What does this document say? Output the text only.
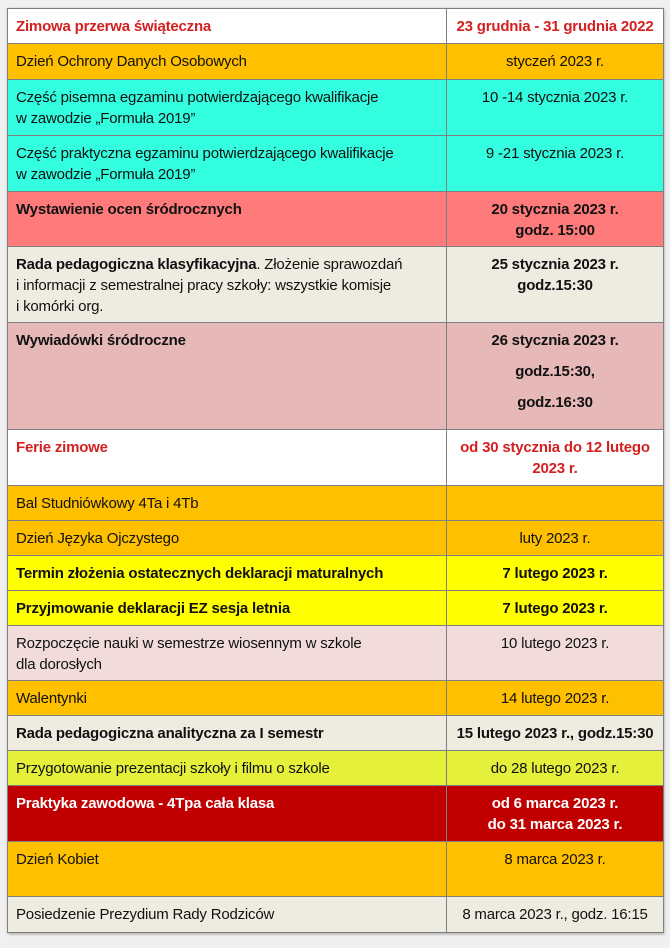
Zimowa przerwa świąteczna	23 grudnia - 31 grudnia 2022

Dzień Ochrony Danych Osobowych	styczeń 2023 r.

Część pisemna egzaminu potwierdzającego kwalifikacje
w zawodzie „Formuła 2019”	10 -14 stycznia 2023 r.

Część praktyczna egzaminu potwierdzającego kwalifikacje
w zawodzie „Formuła 2019”	9 -21 stycznia 2023 r.

Wystawienie ocen śródrocznych	20 stycznia 2023 r.
godz. 15:00

Rada pedagogiczna klasyfikacyjna. Złożenie sprawozdań
i informacji z semestralnej pracy szkoły: wszystkie komisje
i komórki org.	25 stycznia 2023 r.
godz.15:30

Wywiadówki śródroczne	26 stycznia 2023 r.
godz.15:30,
godz.16:30

Ferie zimowe	od 30 stycznia do 12 lutego
2023 r.

Bal Studniówkowy 4Ta i 4Tb	

Dzień Języka Ojczystego	luty 2023 r.

Termin złożenia ostatecznych deklaracji maturalnych	7 lutego 2023 r.

Przyjmowanie deklaracji EZ sesja letnia	7 lutego 2023 r.

Rozpoczęcie nauki w semestrze wiosennym w szkole
dla dorosłych	10 lutego 2023 r.

Walentynki	14 lutego 2023 r.

Rada pedagogiczna analityczna za I semestr	15 lutego 2023 r., godz.15:30

Przygotowanie prezentacji szkoły i filmu o szkole	do 28 lutego 2023 r.

Praktyka zawodowa - 4Tpa cała klasa	od 6 marca 2023 r.
do 31 marca 2023 r.

Dzień Kobiet	8 marca 2023 r.

Posiedzenie Prezydium Rady Rodziców	8 marca 2023 r., godz. 16:15
